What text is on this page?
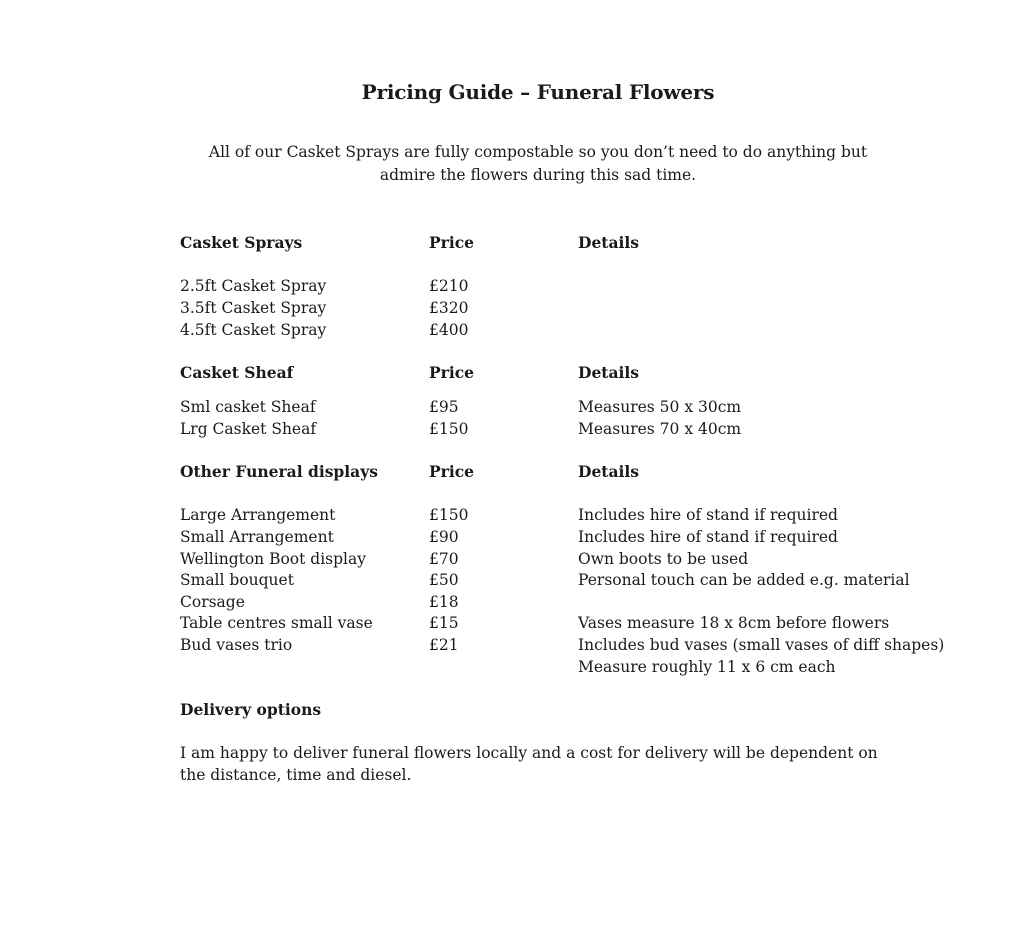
Pricing Guide – Funeral Flowers
All of our Casket Sprays are fully compostable so you don’t need to do anything but admire the flowers during this sad time.
Casket Sprays	Price	Details
2.5ft Casket Spray	£210
3.5ft Casket Spray	£320
4.5ft Casket Spray	£400
Casket Sheaf	Price	Details
Sml casket Sheaf	£95	Measures 50 x 30cm
Lrg Casket Sheaf	£150	Measures 70 x 40cm
Other Funeral displays	Price	Details
Large Arrangement	£150	Includes hire of stand if required
Small Arrangement	£90	Includes hire of stand if required
Wellington Boot display	£70	Own boots to be used
Small bouquet	£50	Personal touch can be added e.g. material
Corsage	£18
Table centres small vase	£15	Vases measure 18 x 8cm before flowers
Bud vases trio	£21	Includes bud vases (small vases of diff shapes)
Measure roughly 11 x 6 cm each
Delivery options
I am happy to deliver funeral flowers locally and a cost for delivery will be dependent on the distance, time and diesel.
